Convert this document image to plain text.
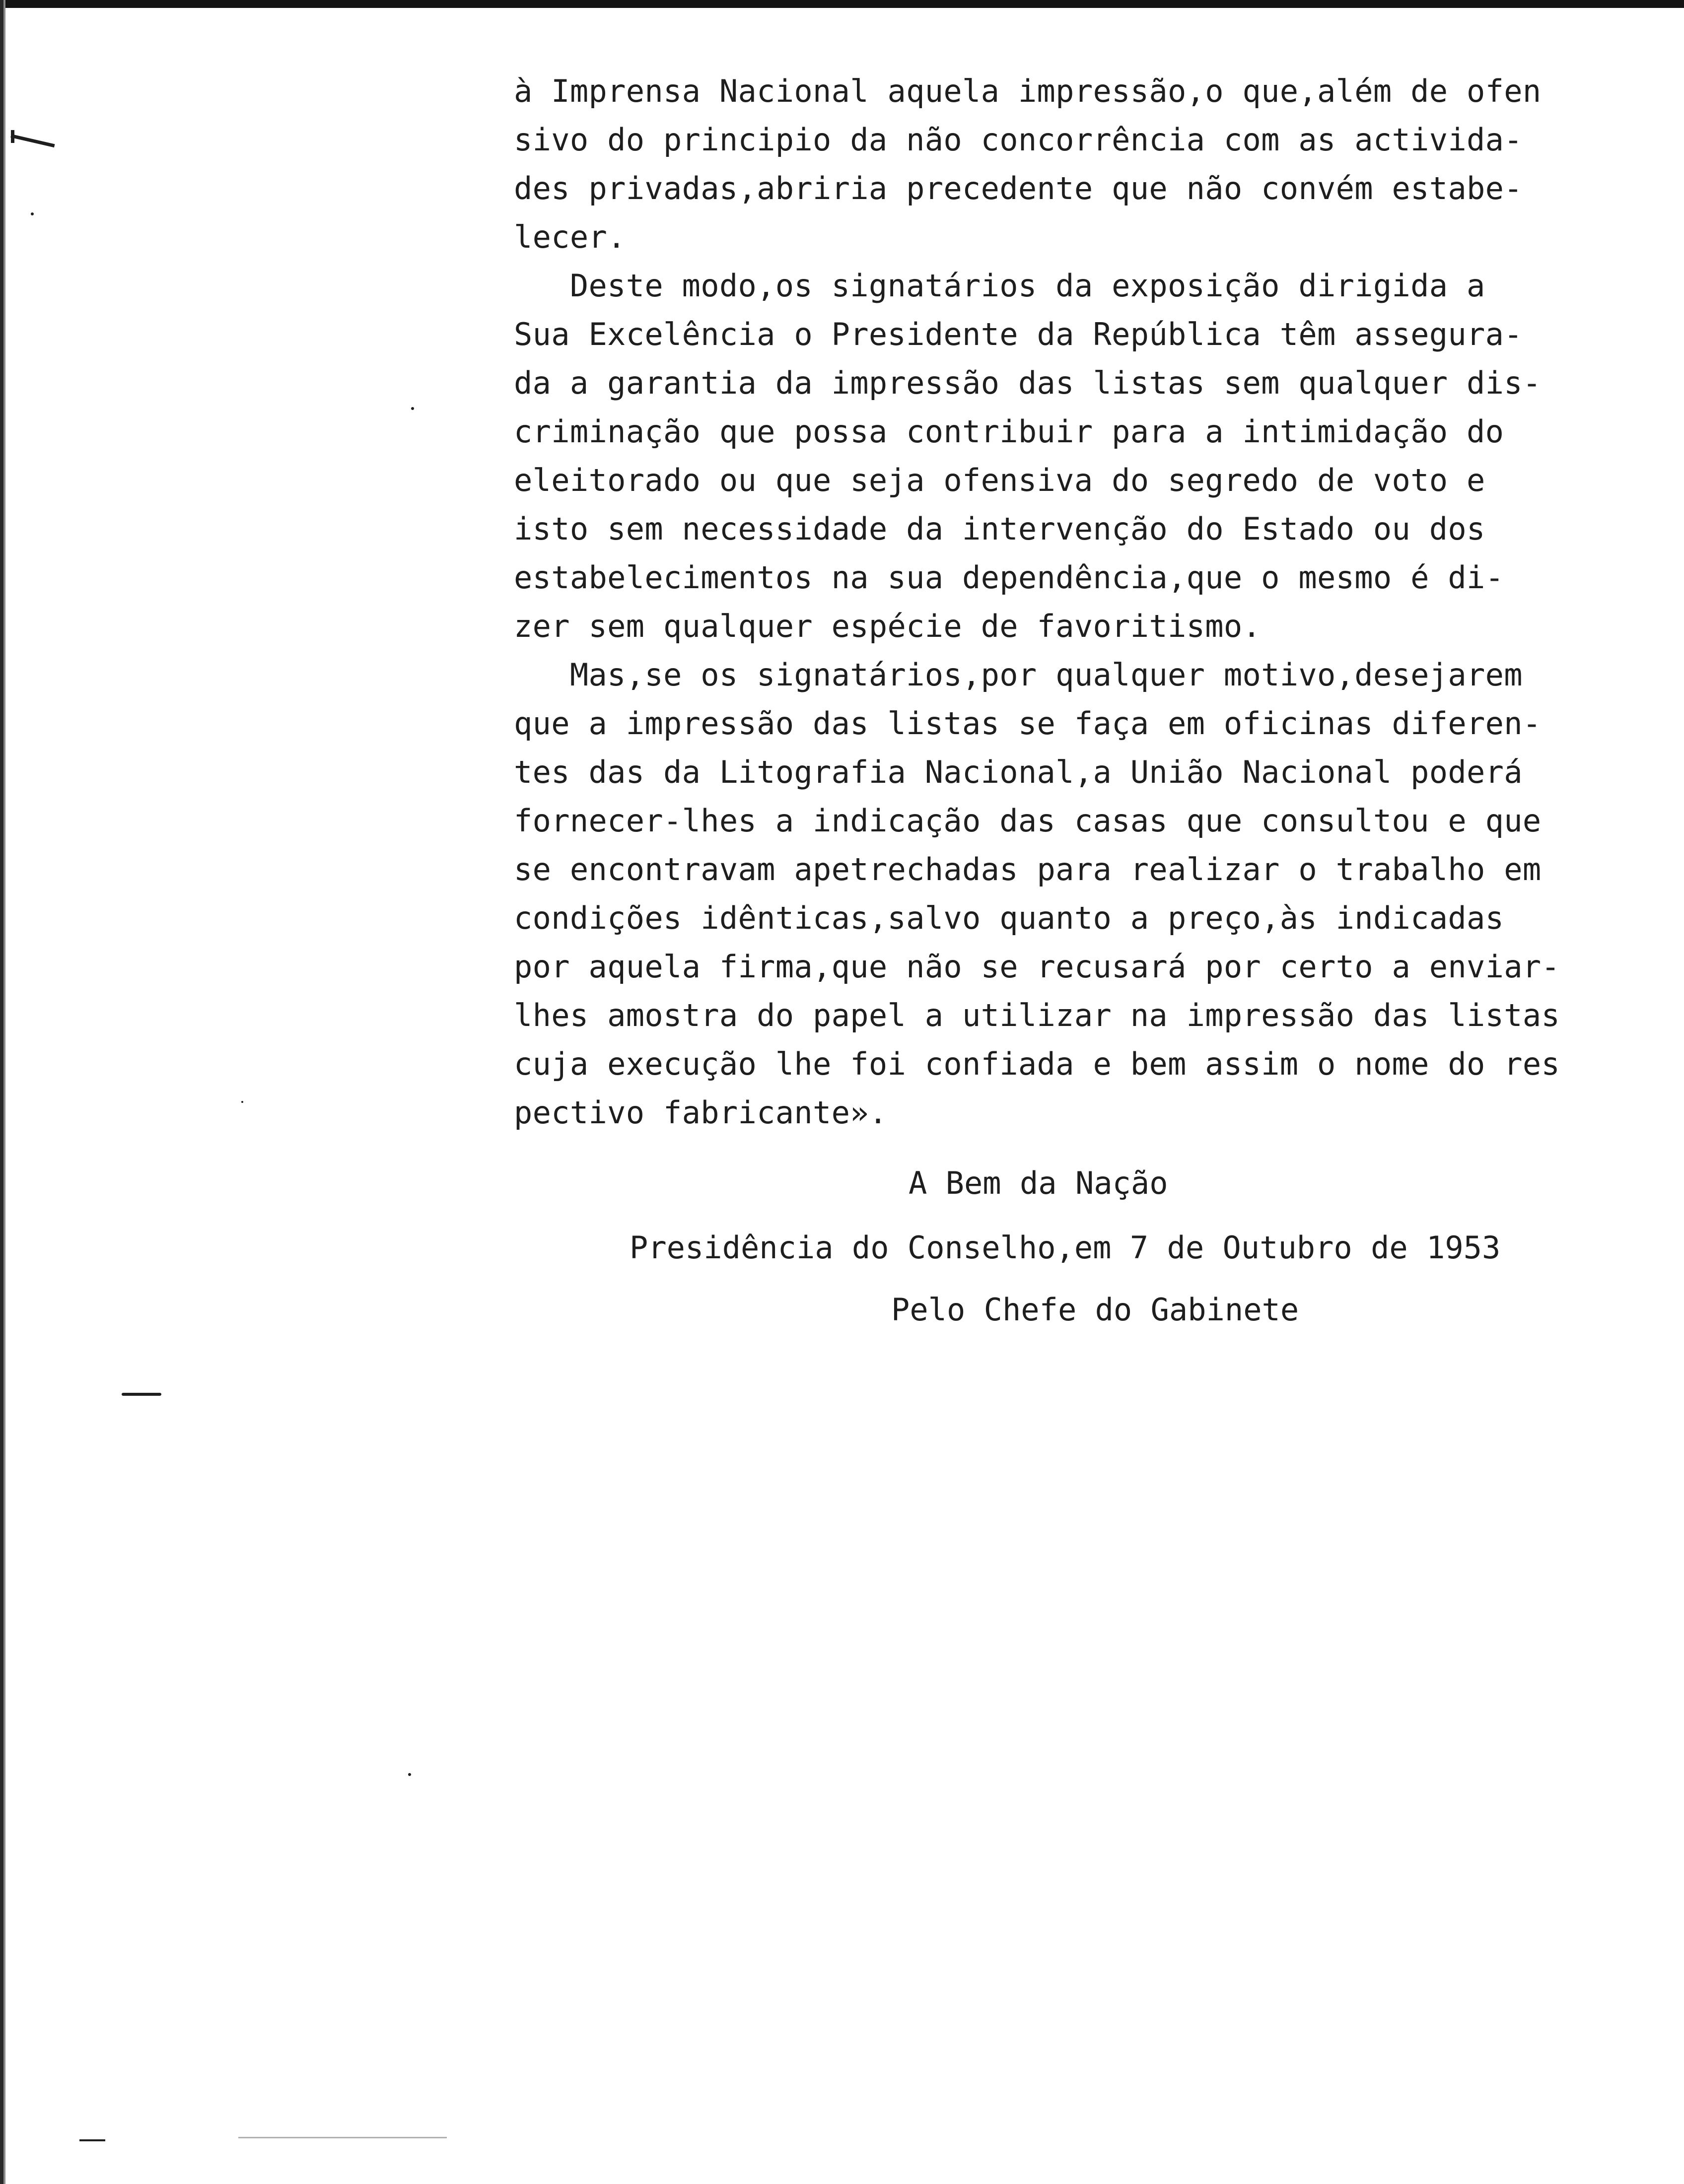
à Imprensa Nacional aquela impressão,o que,além de ofen
sivo do principio da não concorrência com as activida-
des privadas,abriria precedente que não convém estabe-
lecer.
Deste modo,os signatários da exposição dirigida a
Sua Excelência o Presidente da República têm assegura-
da a garantia da impressão das listas sem qualquer dis-
criminação que possa contribuir para a intimidação do
eleitorado ou que seja ofensiva do segredo de voto e
isto sem necessidade da intervenção do Estado ou dos
estabelecimentos na sua dependência,que o mesmo é di-
zer sem qualquer espécie de favoritismo.
Mas,se os signatários,por qualquer motivo,desejarem
que a impressão das listas se faça em oficinas diferen-
tes das da Litografia Nacional,a União Nacional poderá
fornecer-lhes a indicação das casas que consultou e que
se encontravam apetrechadas para realizar o trabalho em
condições idênticas,salvo quanto a preço,às indicadas
por aquela firma,que não se recusará por certo a enviar-
lhes amostra do papel a utilizar na impressão das listas
cuja execução lhe foi confiada e bem assim o nome do res
pectivo fabricante».
A Bem da Nação
Presidência do Conselho,em 7 de Outubro de 1953
Pelo Chefe do Gabinete
